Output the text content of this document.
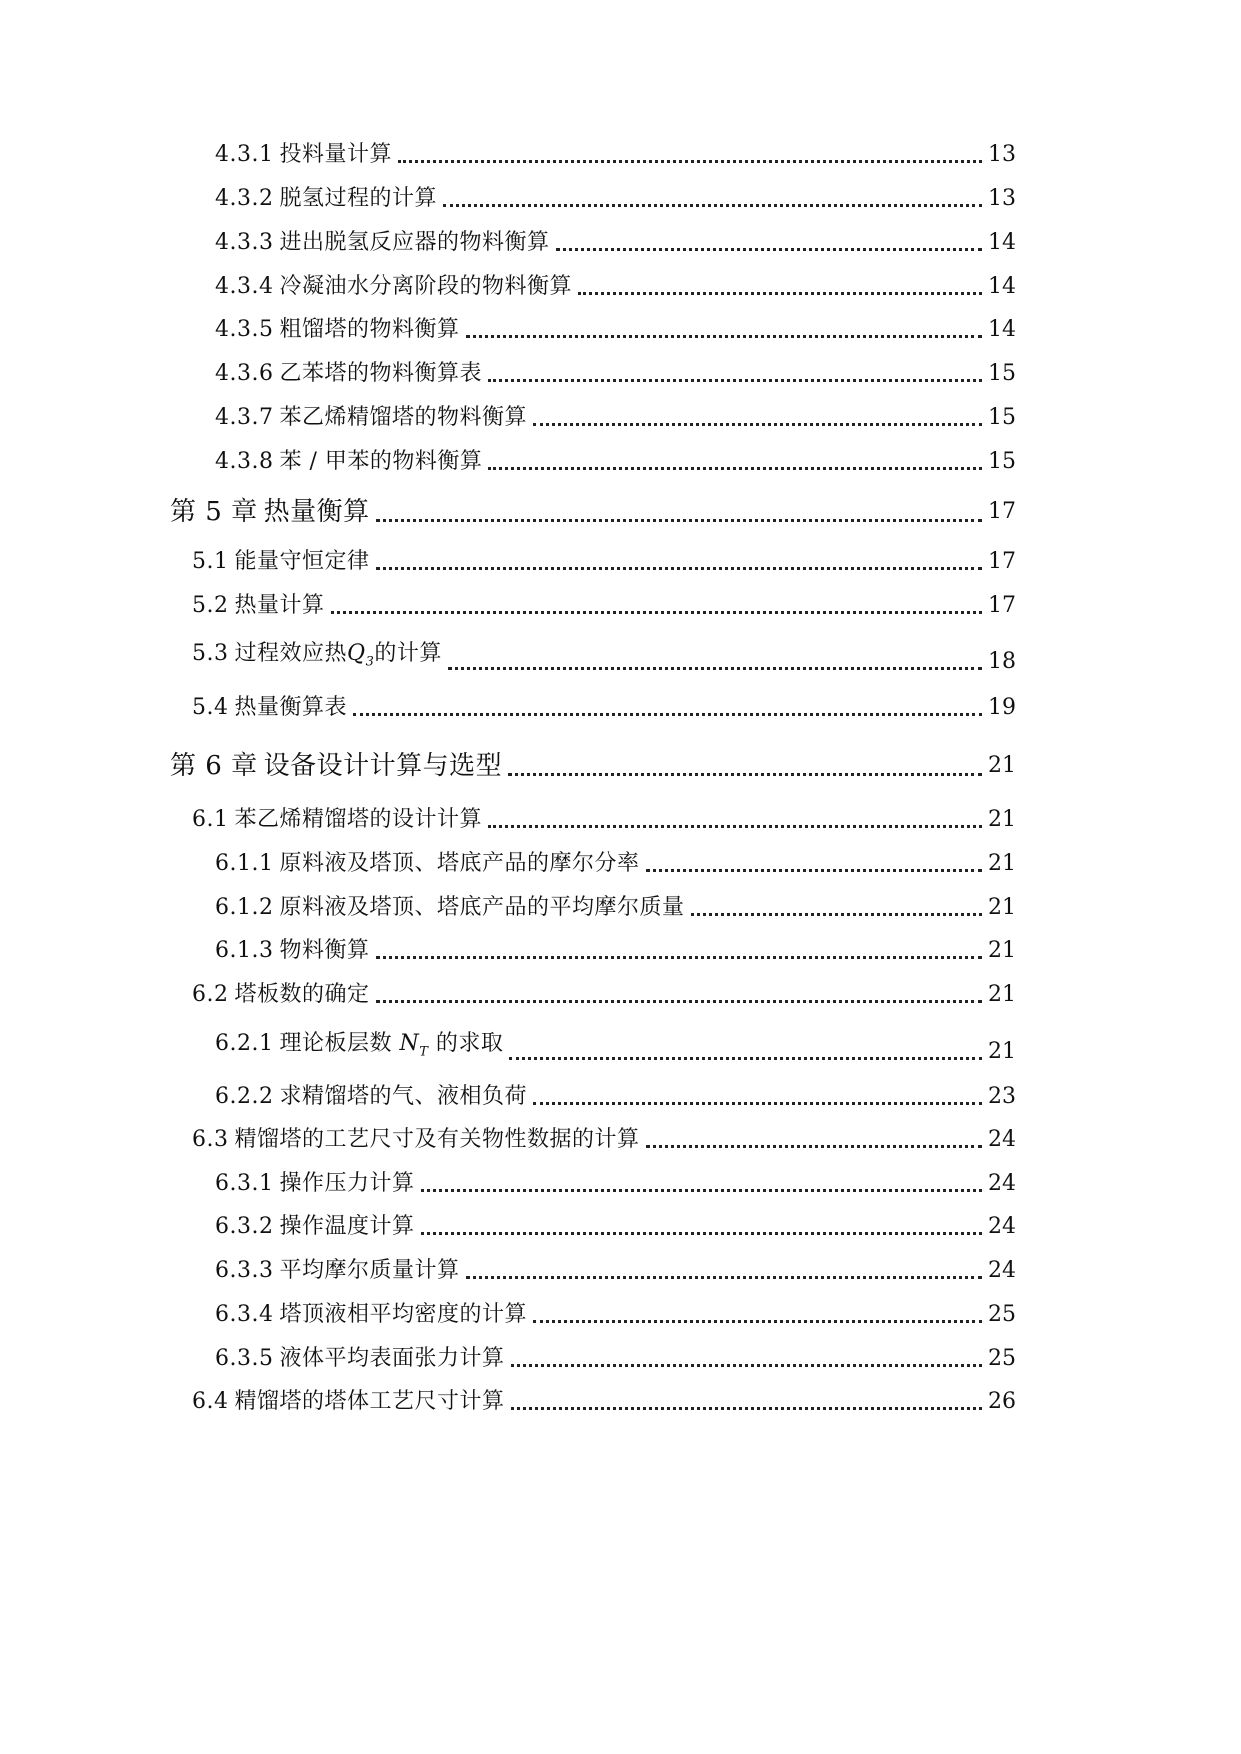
4.3.1 投料量计算	13
4.3.2 脱氢过程的计算	13
4.3.3 进出脱氢反应器的物料衡算	14
4.3.4 冷凝油水分离阶段的物料衡算	14
4.3.5 粗馏塔的物料衡算	14
4.3.6 乙苯塔的物料衡算表	15
4.3.7 苯乙烯精馏塔的物料衡算	15
4.3.8 苯 / 甲苯的物料衡算	15
第 5 章 热量衡算	17
5.1 能量守恒定律	17
5.2 热量计算	17
5.3 过程效应热$Q_3$的计算	18
5.4 热量衡算表	19
第 6 章 设备设计计算与选型	21
6.1 苯乙烯精馏塔的设计计算	21
6.1.1 原料液及塔顶、塔底产品的摩尔分率	21
6.1.2 原料液及塔顶、塔底产品的平均摩尔质量	21
6.1.3 物料衡算	21
6.2 塔板数的确定	21
6.2.1 理论板层数 $N_T$ 的求取	21
6.2.2 求精馏塔的气、液相负荷	23
6.3 精馏塔的工艺尺寸及有关物性数据的计算	24
6.3.1 操作压力计算	24
6.3.2 操作温度计算	24
6.3.3 平均摩尔质量计算	24
6.3.4 塔顶液相平均密度的计算	25
6.3.5 液体平均表面张力计算	25
6.4 精馏塔的塔体工艺尺寸计算	26
